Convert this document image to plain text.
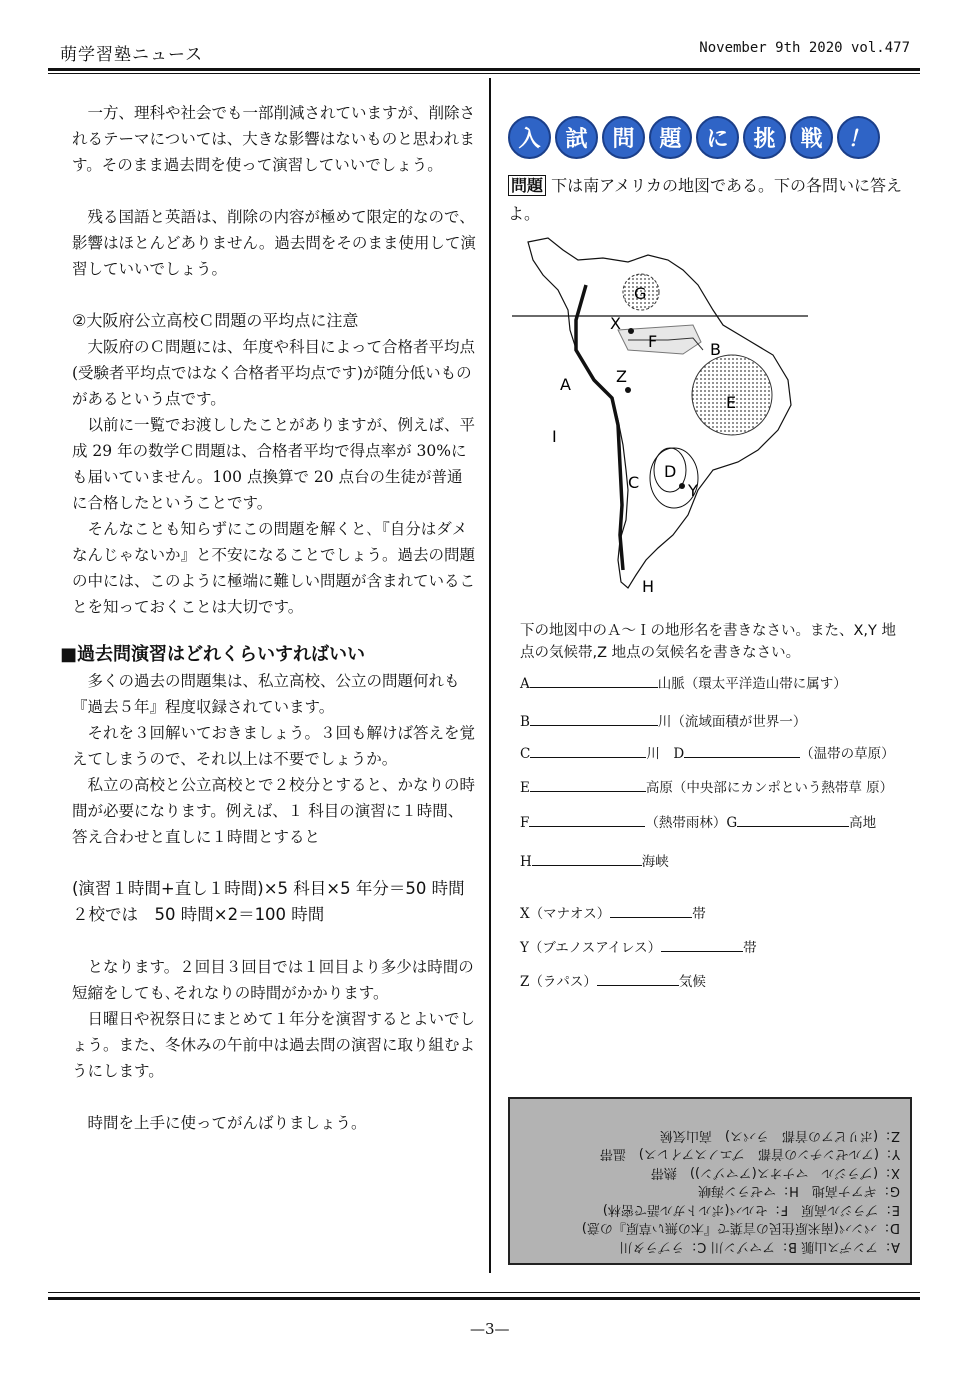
萌学習塾ニュース	November 9th 2020 vol.477

一方、理科や社会でも一部削減されていますが、削除されるテーマについては、大きな影響はないものと思われます。そのまま過去問を使って演習していいでしょう。

残る国語と英語は、削除の内容が極めて限定的なので、影響はほとんどありません。過去問をそのまま使用して演習していいでしょう。

②大阪府公立高校Ｃ問題の平均点に注意

大阪府のＣ問題には、年度や科目によって合格者平均点(受験者平均点ではなく合格者平均点です)が随分低いものがあるという点です。

以前に一覧でお渡ししたことがありますが、例えば、平成 29 年の数学Ｃ問題は、合格者平均で得点率が 30%にも届いていません。100 点換算で 20 点台の生徒が普通に合格したということです。

そんなことも知らずにこの問題を解くと､『自分はダメなんじゃないか』と不安になることでしょう。過去の問題の中には、このように極端に難しい問題が含まれていることを知っておくことは大切です。

■過去問演習はどれくらいすればいい

多くの過去の問題集は、私立高校、公立の問題何れも『過去５年』程度収録されています。

それを３回解いておきましょう。３回も解けば答えを覚えてしまうので、それ以上は不要でしょうか。

私立の高校と公立高校とで２校分とすると、かなりの時間が必要になります。例えば、１ 科目の演習に１時間、答え合わせと直しに１時間とすると

(演習１時間+直し１時間)×5 科目×5 年分＝50 時間

２校では　50 時間×2＝100 時間

となります。２回目３回目では１回目より多少は時間の短縮をしても､それなりの時間がかかります。

日曜日や祝祭日にまとめて１年分を演習するとよいでしょう。また、冬休みの午前中は過去問の演習に取り組むようにします。

時間を上手に使ってがんばりましょう。

入	試	問	題	に	挑	戦	！
問題 下は南アメリカの地図である。下の各問いに答えよ。
G
X
F	B
Z
A
E
I
D
C	Y
H
下の地図中のＡ～Ｉの地形名を書きなさい。また、X,Y 地点の気候帯,Z 地点の気候名を書きなさい。
A	山脈（環太平洋造山帯に属す）
B	川（流域面積が世界一）
C	川　D	（温帯の草原）
E	高原（中央部にカンポという熱帯草 原）
F	（熱帯雨林）G	高地
H	海峡
X（マナオス）	帯
Y（ブエノスアイレス）	帯
Z（ラパス）	気候
A：アンデス山脈 B：アマゾン川 C：ラプラタ川
D：パンパ(南米原住民の言葉で『木の無い草原』の意)
E：ブラジル高原　F：セルバ(ポルトガル語で密林)
G：ギアナ高地　H：マゼラン海峡
X：(ブラジル　マナオス(アマゾン))　熱帯
Y：(アルゼンチンの首都　ブエノスアイレス)　温帯
Z：(ボリビアの首都　ラパス)　高山気候
—3—
